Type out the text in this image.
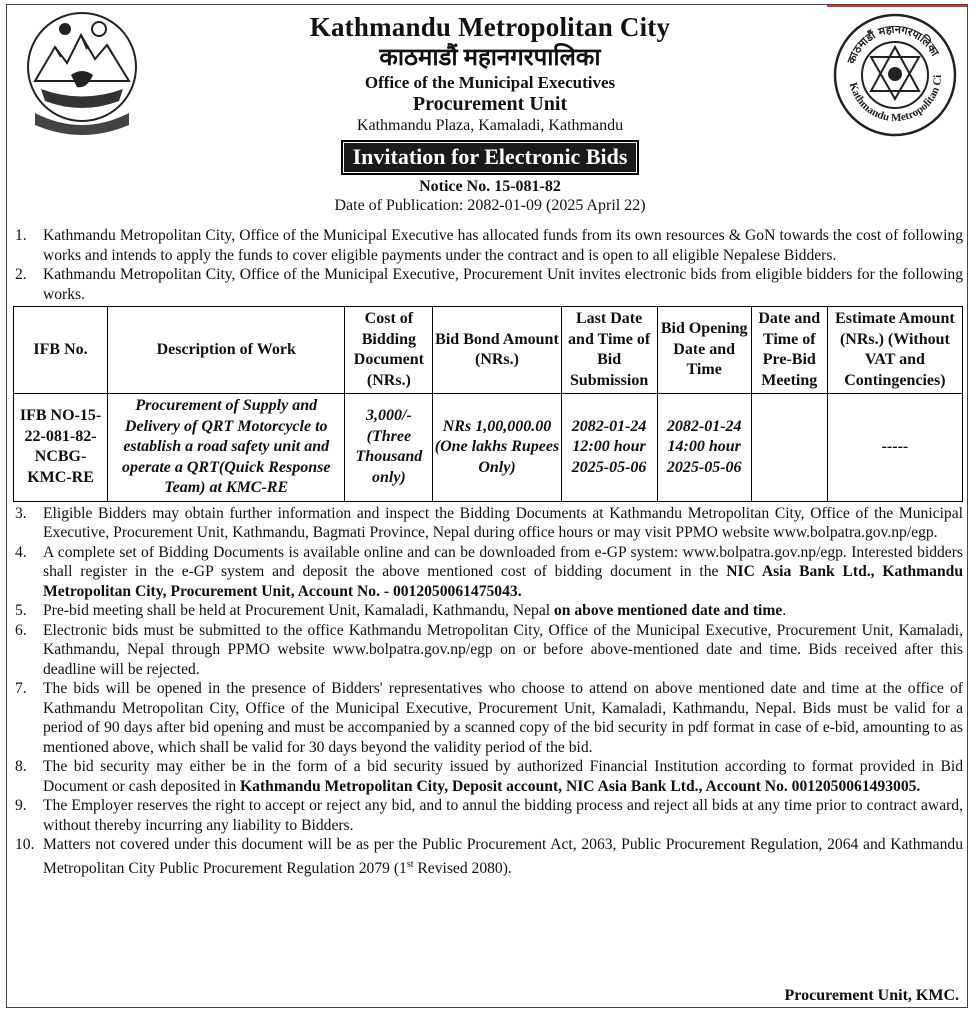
काठमाडौं महानगरपालिका
Kathmandu Metropolitan Ci
Kathmandu Metropolitan City
काठमाडौं महानगरपालिका
Office of the Municipal Executives
Procurement Unit
Kathmandu Plaza, Kamaladi, Kathmandu
Invitation for Electronic Bids
Notice No. 15-081-82
Date of Publication: 2082-01-09 (2025 April 22)
1.	Kathmandu Metropolitan City, Office of the Municipal Executive has allocated funds from its own resources & GoN towards the cost of following works and intends to apply the funds to cover eligible payments under the contract and is open to all eligible Nepalese Bidders.
2.	Kathmandu Metropolitan City, Office of the Municipal Executive, Procurement Unit invites electronic bids from eligible bidders for the following works.
IFB No.	Description of Work	Cost of Bidding Document (NRs.)	Bid Bond Amount (NRs.)	Last Date and Time of Bid Submission	Bid Opening Date and Time	Date and Time of Pre-Bid Meeting	Estimate Amount (NRs.) (Without VAT and Contingencies)
IFB NO-15-22-081-82-NCBG-KMC-RE	Procurement of Supply and Delivery of QRT Motorcycle to establish a road safety unit and operate a QRT(Quick Response Team) at KMC-RE	3,000/- (Three Thousand only)	NRs 1,00,000.00 (One lakhs Rupees Only)	2082-01-24 12:00 hour 2025-05-06	2082-01-24 14:00 hour 2025-05-06		-----
3.	Eligible Bidders may obtain further information and inspect the Bidding Documents at Kathmandu Metropolitan City, Office of the Municipal Executive, Procurement Unit, Kathmandu, Bagmati Province, Nepal during office hours or may visit PPMO website www.bolpatra.gov.np/egp.
4.	A complete set of Bidding Documents is available online and can be downloaded from e-GP system: www.bolpatra.gov.np/egp. Interested bidders shall register in the e-GP system and deposit the above mentioned cost of bidding document in the NIC Asia Bank Ltd., Kathmandu Metropolitan City, Procurement Unit, Account No. - 0012050061475043.
5.	Pre-bid meeting shall be held at Procurement Unit, Kamaladi, Kathmandu, Nepal on above mentioned date and time.
6.	Electronic bids must be submitted to the office Kathmandu Metropolitan City, Office of the Municipal Executive, Procurement Unit, Kamaladi, Kathmandu, Nepal through PPMO website www.bolpatra.gov.np/egp on or before above-mentioned date and time. Bids received after this deadline will be rejected.
7.	The bids will be opened in the presence of Bidders' representatives who choose to attend on above mentioned date and time at the office of Kathmandu Metropolitan City, Office of the Municipal Executive, Procurement Unit, Kamaladi, Kathmandu, Nepal. Bids must be valid for a period of 90 days after bid opening and must be accompanied by a scanned copy of the bid security in pdf format in case of e-bid, amounting to as mentioned above, which shall be valid for 30 days beyond the validity period of the bid.
8.	The bid security may either be in the form of a bid security issued by authorized Financial Institution according to format provided in Bid Document or cash deposited in Kathmandu Metropolitan City, Deposit account, NIC Asia Bank Ltd., Account No. 0012050061493005.
9.	The Employer reserves the right to accept or reject any bid, and to annul the bidding process and reject all bids at any time prior to contract award, without thereby incurring any liability to Bidders.
10. Matters not covered under this document will be as per the Public Procurement Act, 2063, Public Procurement Regulation, 2064 and Kathmandu Metropolitan City Public Procurement Regulation 2079 (1st Revised 2080).
Procurement Unit, KMC.
